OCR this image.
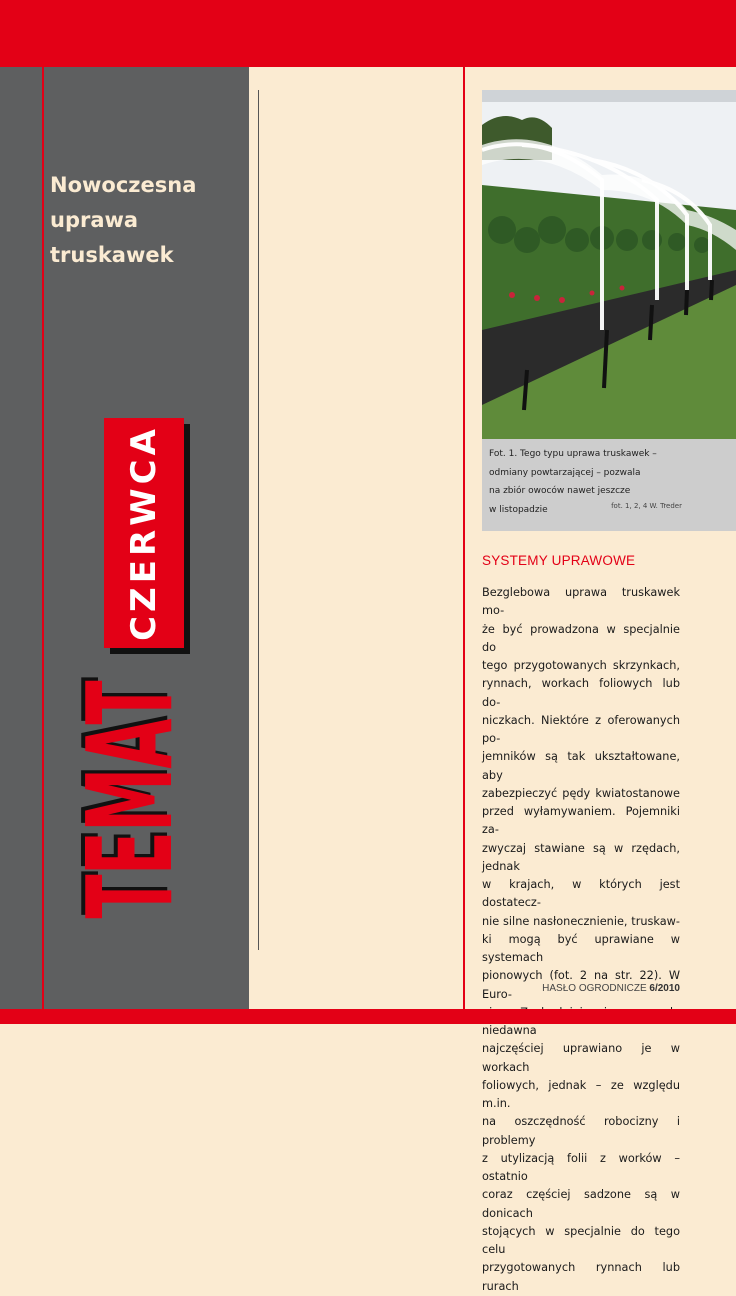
Nowoczesna
uprawa
truskawek
CZERWCA
TEMAT
Fot. 1. Tego typu uprawa truskawek –
odmiany powtarzającej – pozwala
na zbiór owoców nawet jeszcze
w listopadzie	fot. 1, 2, 4 W. Treder
SYSTEMY UPRAWOWE
Bezglebowa uprawa truskawek mo-
że być prowadzona w specjalnie do
tego przygotowanych skrzynkach,
rynnach, workach foliowych lub do-
niczkach. Niektóre z oferowanych po-
jemników są tak ukształtowane, aby
zabezpieczyć pędy kwiatostanowe
przed wyłamywaniem. Pojemniki za-
zwyczaj stawiane są w rzędach, jednak
w krajach, w których jest dostatecz-
nie silne nasłonecznienie, truskaw-
ki mogą być uprawiane w systemach
pionowych (fot. 2 na str. 22). W Euro-
niedawna
najczęściej uprawiano je w workach
foliowych, jednak – ze względu m.in.
na oszczędność robocizny i problemy
z utylizacją folii z worków – ostatnio
coraz częściej sadzone są w donicach
stojących w specjalnie do tego celu
przygotowanych rynnach lub rurach
HASŁO OGRODNICZE 6/2010
